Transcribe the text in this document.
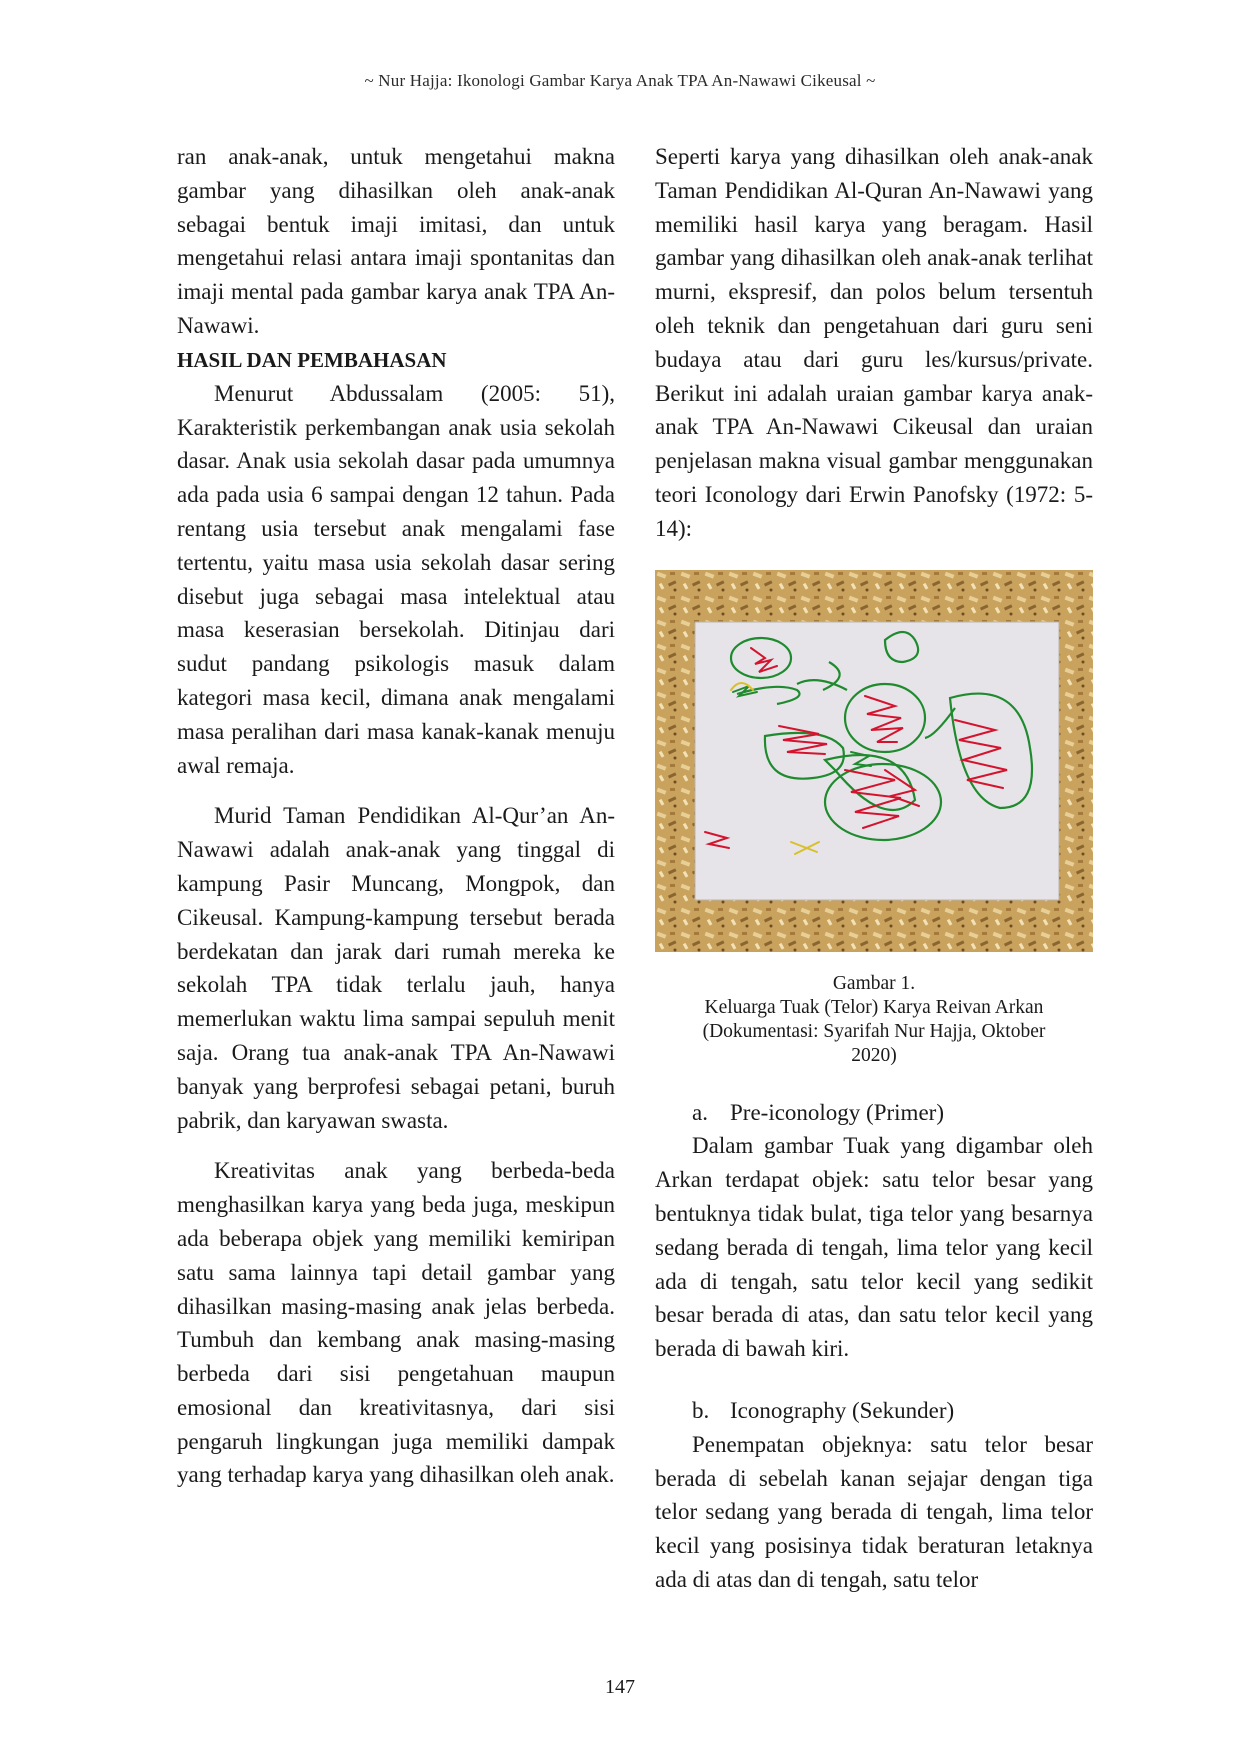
~ Nur Hajja: Ikonologi Gambar Karya Anak TPA An-Nawawi Cikeusal ~

ran anak-anak, untuk mengetahui makna gambar yang dihasilkan oleh anak-anak sebagai bentuk imaji imitasi, dan untuk mengetahui relasi antara imaji spontanitas dan imaji mental pada gambar karya anak TPA An-Nawawi.

HASIL DAN PEMBAHASAN

Menurut Abdussalam (2005: 51), Karakteristik perkembangan anak usia sekolah dasar. Anak usia sekolah dasar pada umumnya ada pada usia 6 sampai dengan 12 tahun. Pada rentang usia tersebut anak mengalami fase tertentu, yaitu masa usia sekolah dasar sering disebut juga sebagai masa intelektual atau masa keserasian bersekolah. Ditinjau dari sudut pandang psikologis masuk dalam kategori masa kecil, dimana anak mengalami masa peralihan dari masa kanak-kanak menuju awal remaja.

Murid Taman Pendidikan Al-Qur’an An-Nawawi adalah anak-anak yang tinggal di kampung Pasir Muncang, Mongpok, dan Cikeusal. Kampung-kampung tersebut berada berdekatan dan jarak dari rumah mereka ke sekolah TPA tidak terlalu jauh, hanya memerlukan waktu lima sampai sepuluh menit saja. Orang tua anak-anak TPA An-Nawawi banyak yang berprofesi sebagai petani, buruh pabrik, dan karyawan swasta.

Kreativitas anak yang berbeda-beda menghasilkan karya yang beda juga, meskipun ada beberapa objek yang memiliki kemiripan satu sama lainnya tapi detail gambar yang dihasilkan masing-masing anak jelas berbeda. Tumbuh dan kembang anak masing-masing berbeda dari sisi pengetahuan maupun emosional dan kreativitasnya, dari sisi pengaruh lingkungan juga memiliki dampak yang terhadap karya yang dihasilkan oleh anak.

Seperti karya yang dihasilkan oleh anak-anak Taman Pendidikan Al-Quran An-Nawawi yang memiliki hasil karya yang beragam. Hasil gambar yang dihasilkan oleh anak-anak terlihat murni, ekspresif, dan polos belum tersentuh oleh teknik dan pengetahuan dari guru seni budaya atau dari guru les/kursus/private. Berikut ini adalah uraian gambar karya anak-anak TPA An-Nawawi Cikeusal dan uraian penjelasan makna visual gambar menggunakan teori Iconology dari Erwin Panofsky (1972: 5-14):

Gambar 1.
Keluarga Tuak (Telor) Karya Reivan Arkan
(Dokumentasi: Syarifah Nur Hajja, Oktober
2020)

a. Pre-iconology (Primer)

Dalam gambar Tuak yang digambar oleh Arkan terdapat objek: satu telor besar yang bentuknya tidak bulat, tiga telor yang besarnya sedang berada di tengah, lima telor yang kecil ada di tengah, satu telor kecil yang sedikit besar berada di atas, dan satu telor kecil yang berada di bawah kiri.

b. Iconography (Sekunder)

Penempatan objeknya: satu telor besar berada di sebelah kanan sejajar dengan tiga telor sedang yang berada di tengah, lima telor kecil yang posisinya tidak beraturan letaknya ada di atas dan di tengah, satu telor

147
